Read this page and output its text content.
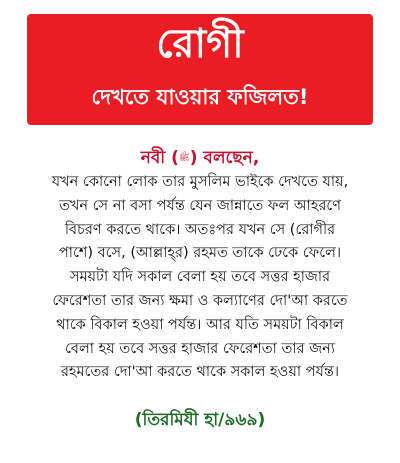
রোগী
দেখতে যাওয়ার ফজিলত!
নবী (ﷺ) বলছেন,
যখন কোনো লোক তার মুসলিম ভাইকে দেখতে যায়,
তখন সে না বসা পর্যন্ত যেন জান্নাতে ফল আহরণে
বিচরণ করতে থাকে। অতঃপর যখন সে (রোগীর
পাশে) বসে, (আল্লাহ্‌র) রহমত তাকে ঢেকে ফেলে।
সময়টা যদি সকাল বেলা হয় তবে সত্তর হাজার
ফেরেশতা তার জন্য ক্ষমা ও কল্যাণের দো'আ করতে
থাকে বিকাল হওয়া পর্যন্ত। আর যতি সময়টা বিকাল
বেলা হয় তবে সত্তর হাজার ফেরেশতা তার জন্য
রহমতের দো'আ করতে থাকে সকাল হওয়া পর্যন্ত।
(তিরমিযী হা/৯৬৯)
